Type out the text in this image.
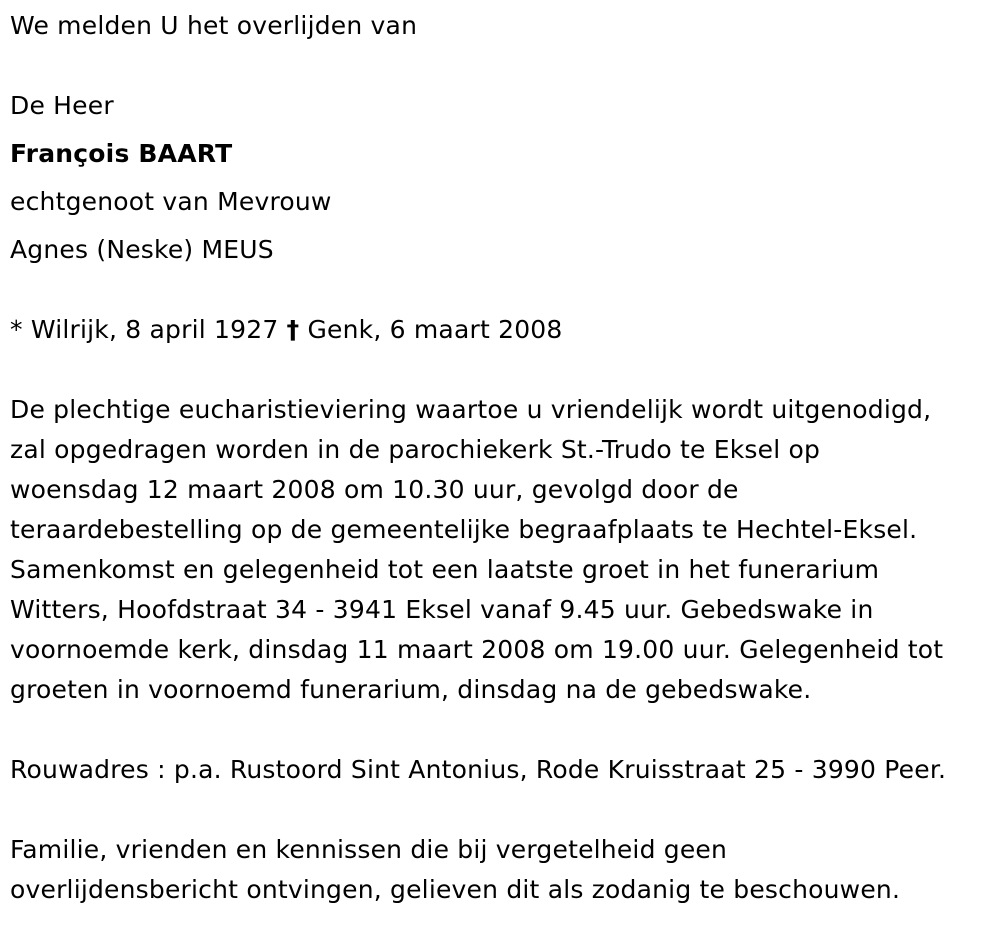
We melden U het overlijden van
De Heer
François BAART
echtgenoot van Mevrouw
Agnes (Neske) MEUS
* Wilrijk, 8 april 1927 † Genk, 6 maart 2008
De plechtige eucharistieviering waartoe u vriendelijk wordt uitgenodigd,
zal opgedragen worden in de parochiekerk St.-Trudo te Eksel op
woensdag 12 maart 2008 om 10.30 uur, gevolgd door de
teraardebestelling op de gemeentelijke begraafplaats te Hechtel-Eksel.
Samenkomst en gelegenheid tot een laatste groet in het funerarium
Witters, Hoofdstraat 34 - 3941 Eksel vanaf 9.45 uur. Gebedswake in
voornoemde kerk, dinsdag 11 maart 2008 om 19.00 uur. Gelegenheid tot
groeten in voornoemd funerarium, dinsdag na de gebedswake.
Rouwadres : p.a. Rustoord Sint Antonius, Rode Kruisstraat 25 - 3990 Peer.
Familie, vrienden en kennissen die bij vergetelheid geen
overlijdensbericht ontvingen, gelieven dit als zodanig te beschouwen.
